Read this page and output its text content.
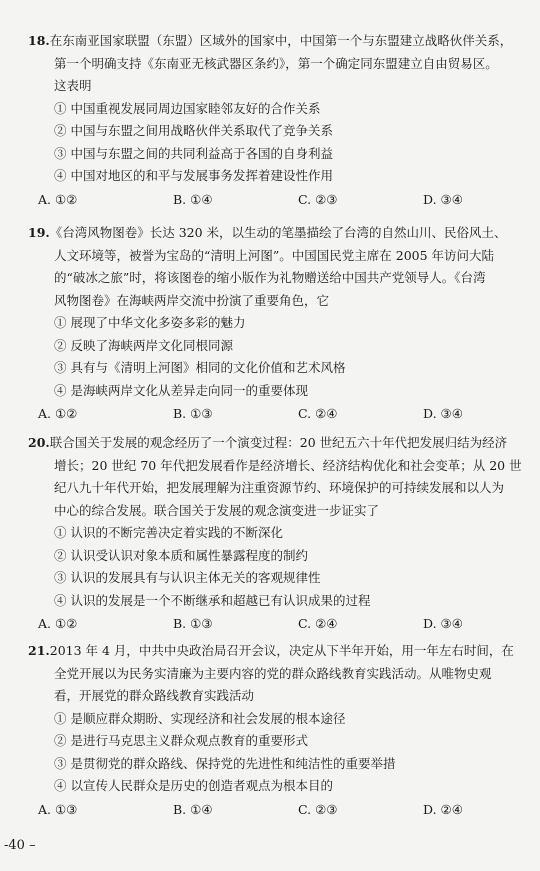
18.在东南亚国家联盟（东盟）区域外的国家中，中国第一个与东盟建立战略伙伴关系，
第一个明确支持《东南亚无核武器区条约》，第一个确定同东盟建立自由贸易区。
这表明
① 中国重视发展同周边国家睦邻友好的合作关系
② 中国与东盟之间用战略伙伴关系取代了竞争关系
③ 中国与东盟之间的共同利益高于各国的自身利益
④ 中国对地区的和平与发展事务发挥着建设性作用
A. ①②	B. ①④	C. ②③	D. ③④
19.《台湾风物图卷》长达 320 米，以生动的笔墨描绘了台湾的自然山川、民俗风土、
人文环境等，被誉为宝岛的“清明上河图”。中国国民党主席在 2005 年访问大陆
的“破冰之旅”时，将该图卷的缩小版作为礼物赠送给中国共产党领导人。《台湾
风物图卷》在海峡两岸交流中扮演了重要角色，它
① 展现了中华文化多姿多彩的魅力
② 反映了海峡两岸文化同根同源
③ 具有与《清明上河图》相同的文化价值和艺术风格
④ 是海峡两岸文化从差异走向同一的重要体现
A. ①②	B. ①③	C. ②④	D. ③④
20.联合国关于发展的观念经历了一个演变过程：20 世纪五六十年代把发展归结为经济
增长；20 世纪 70 年代把发展看作是经济增长、经济结构优化和社会变革；从 20 世
纪八九十年代开始，把发展理解为注重资源节约、环境保护的可持续发展和以人为
中心的综合发展。联合国关于发展的观念演变进一步证实了
① 认识的不断完善决定着实践的不断深化
② 认识受认识对象本质和属性暴露程度的制约
③ 认识的发展具有与认识主体无关的客观规律性
④ 认识的发展是一个不断继承和超越已有认识成果的过程
A. ①②	B. ①③	C. ②④	D. ③④
21.2013 年 4 月，中共中央政治局召开会议，决定从下半年开始，用一年左右时间，在
全党开展以为民务实清廉为主要内容的党的群众路线教育实践活动。从唯物史观
看，开展党的群众路线教育实践活动
① 是顺应群众期盼、实现经济和社会发展的根本途径
② 是进行马克思主义群众观点教育的重要形式
③ 是贯彻党的群众路线、保持党的先进性和纯洁性的重要举措
④ 以宣传人民群众是历史的创造者观点为根本目的
A. ①③	B. ①④	C. ②③	D. ②④
-40 –
